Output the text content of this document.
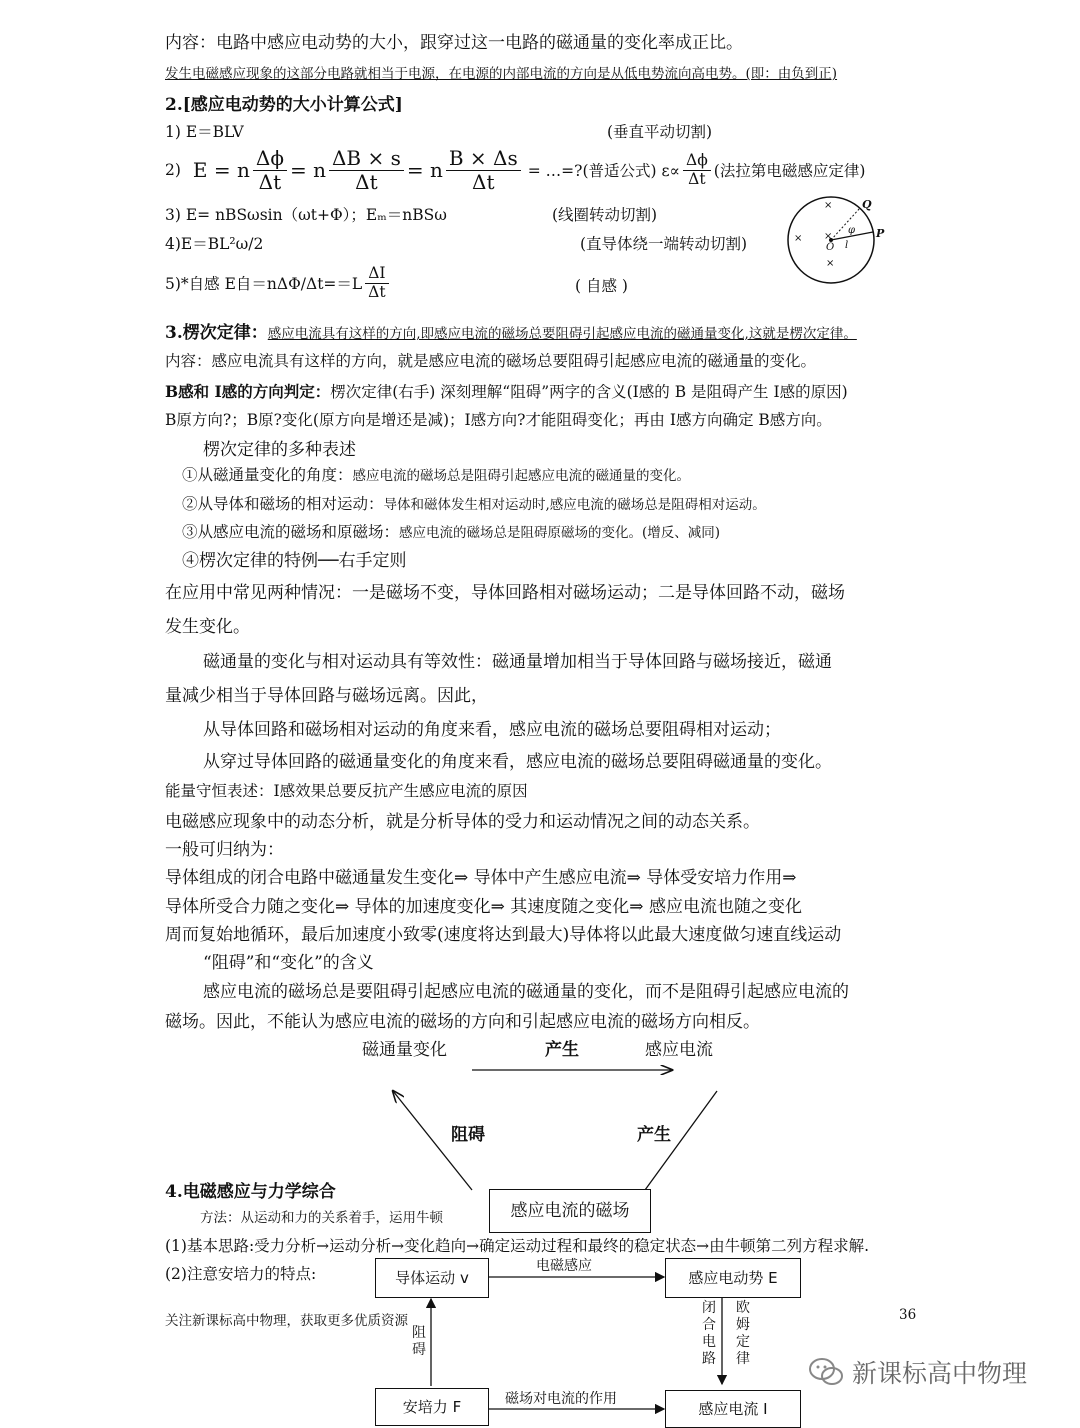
内容：电路中感应电动势的大小，跟穿过这一电路的磁通量的变化率成正比。
发生电磁感应现象的这部分电路就相当于电源，在电源的内部电流的方向是从低电势流向高电势。(即：由负到正)
2.[感应电动势的大小计算公式]
1) E＝BLV	(垂直平动切割)
2) E = n $\frac{\Delta\phi}{\Delta t} = n \frac{\Delta B \times s}{\Delta t} = n \frac{B \times \Delta s}{\Delta t}$ = …=?(普适公式) $\varepsilon\propto \frac{\Delta\phi}{\Delta t}$ (法拉第电磁感应定律)
3) E= nBSωsin（ωt+Φ）；Eₘ＝nBSω	(线圈转动切割)
4)E＝BL²ω/2	(直导体绕一端转动切割)
5)*自感 E自$=n\Delta\Phi/\Delta t==L \frac{\Delta I}{\Delta t}$	( 自感 )
×
×
×
×
Q
P
O l
φ
3.楞次定律：感应电流具有这样的方向,即感应电流的磁场总要阻碍引起感应电流的磁通量变化,这就是楞次定律。
内容：感应电流具有这样的方向，就是感应电流的磁场总要阻碍引起感应电流的磁通量的变化。
B感和 I感的方向判定：楞次定律(右手) 深刻理解“阻碍”两字的含义(I感的 B 是阻碍产生 I感的原因)
B原方向?；B原?变化(原方向是增还是减)；I感方向?才能阻碍变化；再由 I感方向确定 B感方向。
楞次定律的多种表述
①从磁通量变化的角度：感应电流的磁场总是阻碍引起感应电流的磁通量的变化。
②从导体和磁场的相对运动：导体和磁体发生相对运动时,感应电流的磁场总是阻碍相对运动。
③从感应电流的磁场和原磁场：感应电流的磁场总是阻碍原磁场的变化。(增反、减同)
④楞次定律的特例──右手定则
在应用中常见两种情况：一是磁场不变，导体回路相对磁场运动；二是导体回路不动，磁场
发生变化。
磁通量的变化与相对运动具有等效性：磁通量增加相当于导体回路与磁场接近，磁通
量减少相当于导体回路与磁场远离。因此，
从导体回路和磁场相对运动的角度来看，感应电流的磁场总要阻碍相对运动；
从穿过导体回路的磁通量变化的角度来看，感应电流的磁场总要阻碍磁通量的变化。
能量守恒表述：I感效果总要反抗产生感应电流的原因
电磁感应现象中的动态分析，就是分析导体的受力和运动情况之间的动态关系。
一般可归纳为：
导体组成的闭合电路中磁通量发生变化⇒ 导体中产生感应电流⇒ 导体受安培力作用⇒
导体所受合力随之变化⇒ 导体的加速度变化⇒ 其速度随之变化⇒ 感应电流也随之变化
周而复始地循环，最后加速度小致零(速度将达到最大)导体将以此最大速度做匀速直线运动
“阻碍”和“变化”的含义
感应电流的磁场总是要阻碍引起感应电流的磁通量的变化，而不是阻碍引起感应电流的
磁场。因此，不能认为感应电流的磁场的方向和引起感应电流的磁场方向相反。
磁通量变化	产生	感应电流
阻碍	产生
4.电磁感应与力学综合
方法：从运动和力的关系着手，运用牛顿	感应电流的磁场
(1)基本思路:受力分析→运动分析→变化趋向→确定运动过程和最终的稳定状态→由牛顿第二列方程求解.
(2)注意安培力的特点:	导体运动 v	感应电动势 E
安培力 F	感应电流 I
电磁感应
磁场对电流的作用
阻碍
闭合电路
欧姆定律
关注新课标高中物理，获取更多优质资源	36
新课标高中物理
